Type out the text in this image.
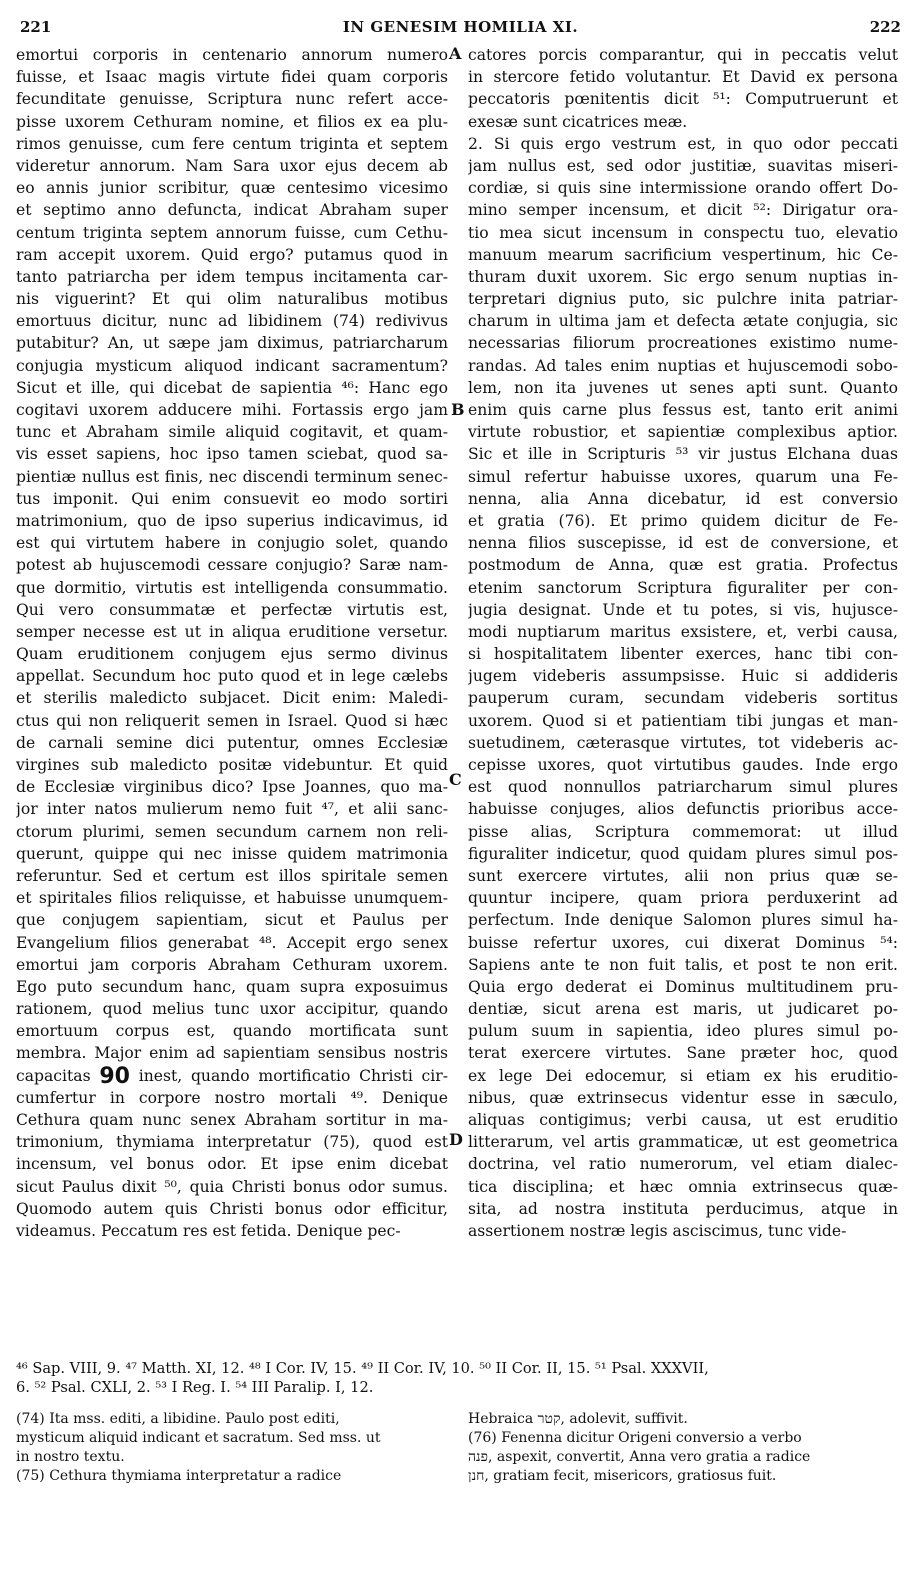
221	IN GENESIM HOMILIA XI.	222
emortui corporis in centenario annorum numero
fuisse, et Isaac magis virtute fidei quam corporis
fecunditate genuisse, Scriptura nunc refert acce-
pisse uxorem Cethuram nomine, et filios ex ea plu-
rimos genuisse, cum fere centum triginta et septem
videretur annorum. Nam Sara uxor ejus decem ab
eo annis junior scribitur, quæ centesimo vicesimo
et septimo anno defuncta, indicat Abraham super
centum triginta septem annorum fuisse, cum Cethu-
ram accepit uxorem. Quid ergo? putamus quod in
tanto patriarcha per idem tempus incitamenta car-
nis viguerint? Et qui olim naturalibus motibus
emortuus dicitur, nunc ad libidinem (74) redivivus
putabitur? An, ut sæpe jam diximus, patriarcharum
conjugia mysticum aliquod indicant sacramentum?
Sicut et ille, qui dicebat de sapientia ⁴⁶: Hanc ego
cogitavi uxorem adducere mihi. Fortassis ergo jam
tunc et Abraham simile aliquid cogitavit, et quam-
vis esset sapiens, hoc ipso tamen sciebat, quod sa-
pientiæ nullus est finis, nec discendi terminum senec-
tus imponit. Qui enim consuevit eo modo sortiri
matrimonium, quo de ipso superius indicavimus, id
est qui virtutem habere in conjugio solet, quando
potest ab hujuscemodi cessare conjugio? Saræ nam-
que dormitio, virtutis est intelligenda consummatio.
Qui vero consummatæ et perfectæ virtutis est,
semper necesse est ut in aliqua eruditione versetur.
Quam eruditionem conjugem ejus sermo divinus
appellat. Secundum hoc puto quod et in lege cælebs
et sterilis maledicto subjacet. Dicit enim: Maledi-
ctus qui non reliquerit semen in Israel. Quod si hæc
de carnali semine dici putentur, omnes Ecclesiæ
virgines sub maledicto positæ videbuntur. Et quid
de Ecclesiæ virginibus dico? Ipse Joannes, quo ma-
jor inter natos mulierum nemo fuit ⁴⁷, et alii sanc-
ctorum plurimi, semen secundum carnem non reli-
querunt, quippe qui nec inisse quidem matrimonia
referuntur. Sed et certum est illos spiritale semen
et spiritales filios reliquisse, et habuisse unumquem-
que conjugem sapientiam, sicut et Paulus per
Evangelium filios generabat ⁴⁸. Accepit ergo senex
emortui jam corporis Abraham Cethuram uxorem.
Ego puto secundum hanc, quam supra exposuimus
rationem, quod melius tunc uxor accipitur, quando
emortuum corpus est, quando mortificata sunt
membra. Major enim ad sapientiam sensibus nostris
capacitas 90 inest, quando mortificatio Christi cir-
cumfertur in corpore nostro mortali ⁴⁹. Denique
Cethura quam nunc senex Abraham sortitur in ma-
trimonium, thymiama interpretatur (75), quod est
incensum, vel bonus odor. Et ipse enim dicebat
sicut Paulus dixit ⁵⁰, quia Christi bonus odor sumus.
Quomodo autem quis Christi bonus odor efficitur,
videamus. Peccatum res est fetida. Denique pec-
catores porcis comparantur, qui in peccatis velut
in stercore fetido volutantur. Et David ex persona
peccatoris pœnitentis dicit ⁵¹: Computruerunt et
exesæ sunt cicatrices meæ.
2. Si quis ergo vestrum est, in quo odor peccati
jam nullus est, sed odor justitiæ, suavitas miseri-
cordiæ, si quis sine intermissione orando offert Do-
mino semper incensum, et dicit ⁵²: Dirigatur ora-
tio mea sicut incensum in conspectu tuo, elevatio
manuum mearum sacrificium vespertinum, hic Ce-
thuram duxit uxorem. Sic ergo senum nuptias in-
terpretari dignius puto, sic pulchre inita patriar-
charum in ultima jam et defecta ætate conjugia, sic
necessarias filiorum procreationes existimo nume-
randas. Ad tales enim nuptias et hujuscemodi sobo-
lem, non ita juvenes ut senes apti sunt. Quanto
enim quis carne plus fessus est, tanto erit animi
virtute robustior, et sapientiæ complexibus aptior.
Sic et ille in Scripturis ⁵³ vir justus Elchana duas
simul refertur habuisse uxores, quarum una Fe-
nenna, alia Anna dicebatur, id est conversio
et gratia (76). Et primo quidem dicitur de Fe-
nenna filios suscepisse, id est de conversione, et
postmodum de Anna, quæ est gratia. Profectus
etenim sanctorum Scriptura figuraliter per con-
jugia designat. Unde et tu potes, si vis, hujusce-
modi nuptiarum maritus exsistere, et, verbi causa,
si hospitalitatem libenter exerces, hanc tibi con-
jugem videberis assumpsisse. Huic si addideris
pauperum curam, secundam videberis sortitus
uxorem. Quod si et patientiam tibi jungas et man-
suetudinem, cæterasque virtutes, tot videberis ac-
cepisse uxores, quot virtutibus gaudes. Inde ergo
est quod nonnullos patriarcharum simul plures
habuisse conjuges, alios defunctis prioribus acce-
pisse alias, Scriptura commemorat: ut illud
figuraliter indicetur, quod quidam plures simul pos-
sunt exercere virtutes, alii non prius quæ se-
quuntur incipere, quam priora perduxerint ad
perfectum. Inde denique Salomon plures simul ha-
buisse refertur uxores, cui dixerat Dominus ⁵⁴:
Sapiens ante te non fuit talis, et post te non erit.
Quia ergo dederat ei Dominus multitudinem pru-
dentiæ, sicut arena est maris, ut judicaret po-
pulum suum in sapientia, ideo plures simul po-
terat exercere virtutes. Sane præter hoc, quod
ex lege Dei edocemur, si etiam ex his eruditio-
nibus, quæ extrinsecus videntur esse in sæculo,
aliquas contigimus; verbi causa, ut est eruditio
litterarum, vel artis grammaticæ, ut est geometrica
doctrina, vel ratio numerorum, vel etiam dialec-
tica disciplina; et hæc omnia extrinsecus quæ-
sita, ad nostra instituta perducimus, atque in
assertionem nostræ legis asciscimus, tunc vide-
A
B
C
D
⁴⁶ Sap. VIII, 9. ⁴⁷ Matth. XI, 12. ⁴⁸ I Cor. IV, 15. ⁴⁹ II Cor. IV, 10. ⁵⁰ II Cor. II, 15. ⁵¹ Psal. XXXVII,
6. ⁵² Psal. CXLI, 2. ⁵³ I Reg. I. ⁵⁴ III Paralip. I, 12.
(74) Ita mss. editi, a libidine. Paulo post editi,
mysticum aliquid indicant et sacratum. Sed mss. ut
in nostro textu.
(75) Cethura thymiama interpretatur a radice
Hebraica קטר, adolevit, suffivit.
(76) Fenenna dicitur Origeni conversio a verbo
פנה, aspexit, convertit, Anna vero gratia a radice
חנן, gratiam fecit, misericors, gratiosus fuit.
